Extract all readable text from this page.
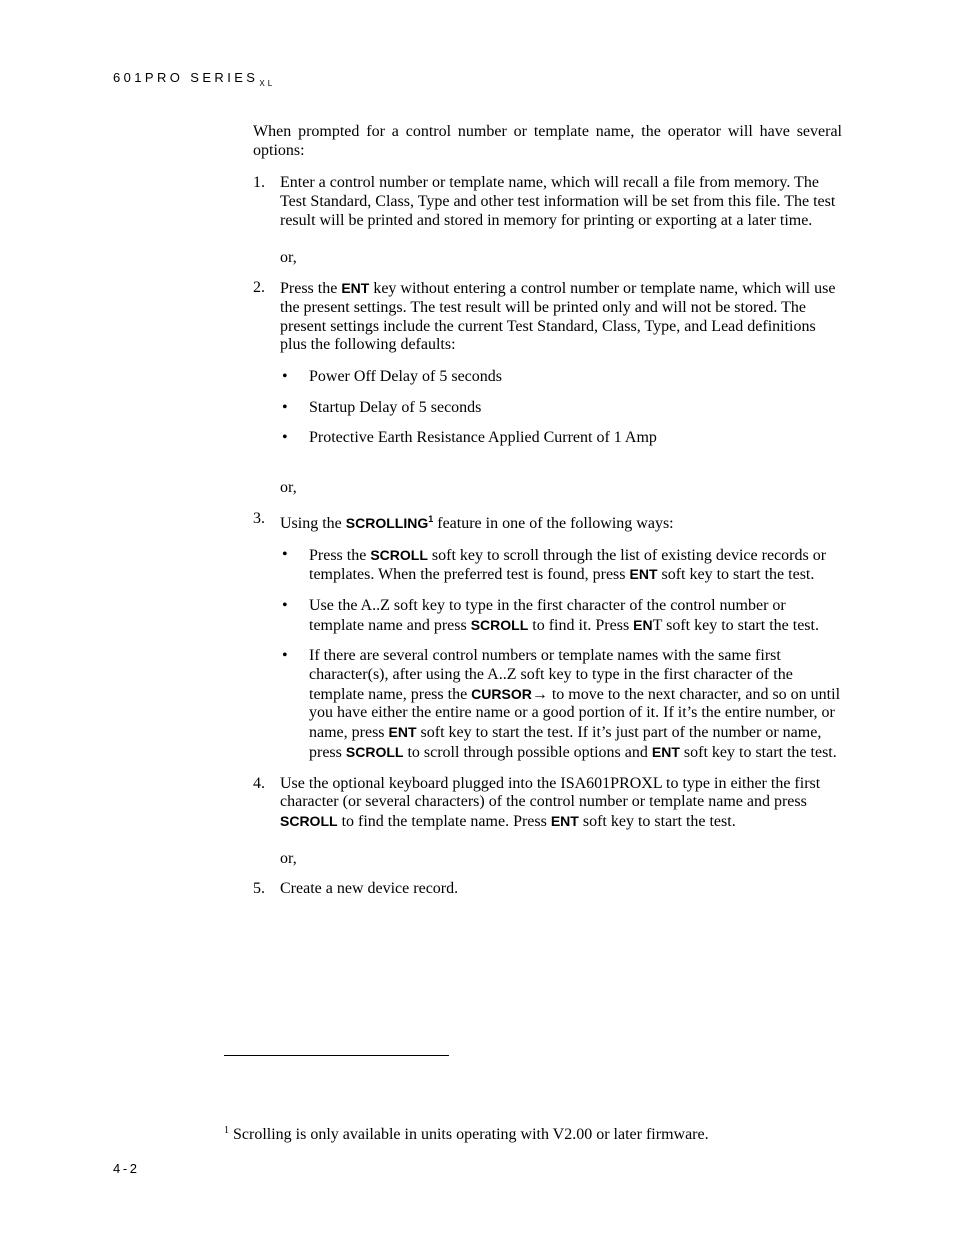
601PRO $SERIES_{XL}$

When prompted for a control number or template name, the operator will have several options:

1. Enter a control number or template name, which will recall a file from memory. The Test Standard, Class, Type and other test information will be set from this file. The test result will be printed and stored in memory for printing or exporting at a later time.

or,
2. Press the ENT key without entering a control number or template name, which will use the present settings. The test result will be printed only and will not be stored. The present settings include the current Test Standard, Class, Type, and Lead definitions plus the following defaults:

• Power Off Delay of 5 seconds

• Startup Delay of 5 seconds

• Protective Earth Resistance Applied Current of 1 Amp

or,
3. Using the SCROLLING$^1$ feature in one of the following ways:

• Press the SCROLL soft key to scroll through the list of existing device records or templates. When the preferred test is found, press ENT soft key to start the test.

• Use the A..Z soft key to type in the first character of the control number or template name and press SCROLL to find it. Press ENT soft key to start the test.

• If there are several control numbers or template names with the same first character(s), after using the A..Z soft key to type in the first character of the template name, press the CURSOR→ to move to the next character, and so on until you have either the entire name or a good portion of it. If it’s the entire number, or name, press ENT soft key to start the test. If it’s just part of the number or name, press SCROLL to scroll through possible options and ENT soft key to start the test.

4. Use the optional keyboard plugged into the ISA601PROXL to type in either the first character (or several characters) of the control number or template name and press SCROLL to find the template name. Press ENT soft key to start the test.

or,
5. Create a new device record.

$^1$ Scrolling is only available in units operating with V2.00 or later firmware.
4-2
